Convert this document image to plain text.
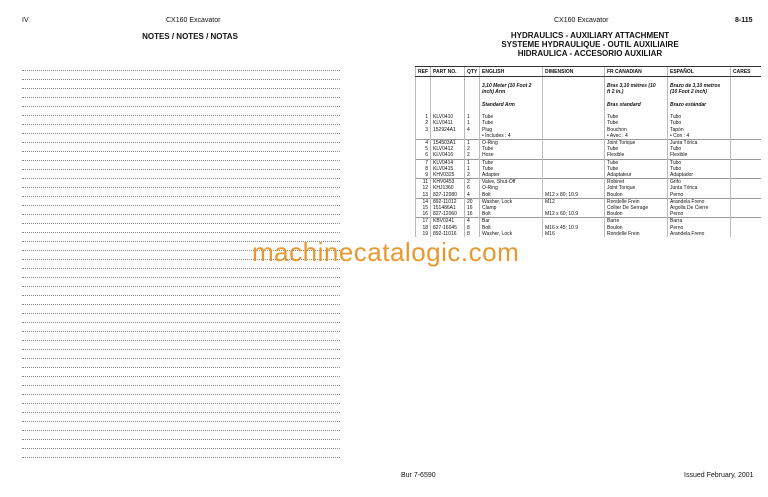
IV	CX160 Excavator
NOTES / NOTES / NOTAS
CX160 Excavator	8-115
HYDRAULICS - AUXILIARY ATTACHMENT
SYSTEME HYDRAULIQUE - OUTIL AUXILIAIRE
HIDRAULICA - ACCESORIO AUXILIAR
REF	PART NO.	QTY	ENGLISH	DIMENSION	FR CANADIAN	ESPAÑOL	CARES

			3,10 Meter (10 Foot 2		Bras 3,10 mètres (10	Brazo de 3,10 metros	
			inch) Arm		ft 2 in.)	(10 Foot 2 inch)	

			Standard Arm		Bras standard	Brazo estándar	

1	KLV0410	1	Tube		Tube	Tubo	
2	KLV0411	1	Tube		Tube	Tubo	
3	152924A1	4	Plug		Bouchon	Tapón	
			• Includes : 4		• Avec : 4	• Con : 4	
4	154503A1	1	O-Ring		Joint Torique	Junta Tórica	
5	KLV0412	2	Tube		Tube	Tubo	
6	KLV0416	2	Hose		Flexible	Flexible	
7	KLV0414	1	Tube		Tube	Tubo	
8	KLV0415	1	Tube		Tube	Tubo	
9	KHV0325	2	Adapter		Adaptateur	Adaptador	
11	KHV0453	2	Valve, Shut-Off		Robinet	Grifo	
12	KHJ1360	6	O-Ring		Joint Torique	Junta Tórica	
13	827-12080	4	Bolt	M12 x 80; 10.9	Boulon	Perno	
14	892-11012	20	Washer, Lock	M12	Rondelle Frein	Arandela Freno	
15	151486A1	16	Clamp		Collier De Serrage	Argolla De Cierre	
16	827-12060	16	Bolt	M12 x 60; 10.9	Boulon	Perno	
17	KBV0241	4	Bar		Barre	Barra	
18	827-16045	8	Bolt	M16 x 45; 10.9	Boulon	Perno	
19	892-11016	8	Washer, Lock	M16	Rondelle Frein	Arandela Freno	
machinecatalogic.com
Bur 7-6590	Issued February, 2001
